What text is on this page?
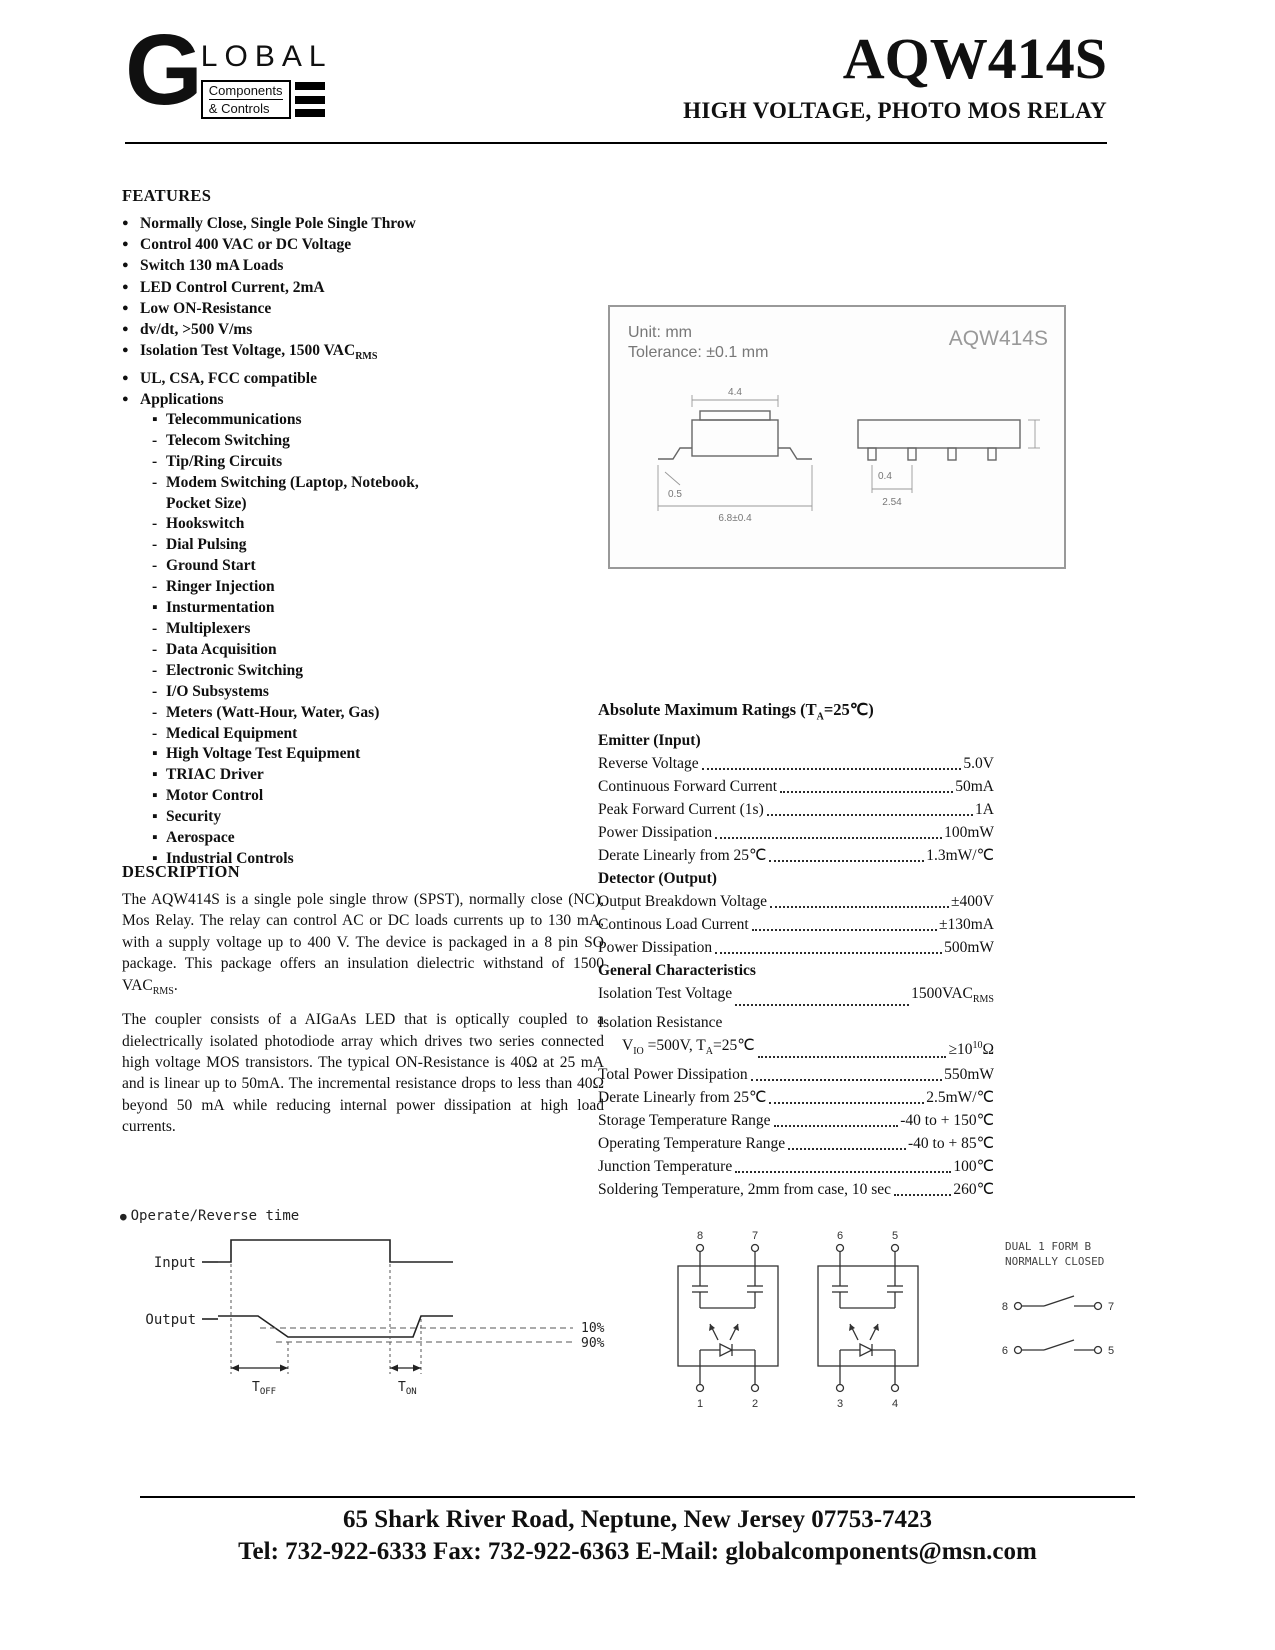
G LOBAL
Components
& Controls
AQW414S
HIGH VOLTAGE, PHOTO MOS RELAY
FEATURES
● Normally Close, Single Pole Single Throw
● Control 400 VAC or DC Voltage
● Switch 130 mA Loads
● LED Control Current, 2mA
● Low ON-Resistance
● dv/dt, >500 V/ms
● Isolation Test Voltage, 1500 $VAC_{RMS}$
● UL, CSA, FCC compatible
● Applications
▪ Telecommunications
- Telecom Switching
- Tip/Ring Circuits
- Modem Switching (Laptop, Notebook,
Pocket Size)
- Hookswitch
- Dial Pulsing
- Ground Start
- Ringer Injection
▪ Insturmentation
- Multiplexers
- Data Acquisition
- Electronic Switching
- I/O Subsystems
- Meters (Watt-Hour, Water, Gas)
- Medical Equipment
▪ High Voltage Test Equipment
▪ TRIAC Driver
▪ Motor Control
▪ Security
▪ Aerospace
▪ Industrial Controls
DESCRIPTION

The AQW414S is a single pole single throw (SPST), normally close (NC), Mos Relay. The relay can control AC or DC loads currents up to 130 mA, with a supply voltage up to 400 V. The device is packaged in a 8 pin SO package. This package offers an insulation dielectric withstand of 1500 $VAC_{RMS}$.

The coupler consists of a AIGaAs LED that is optically coupled to a dielectrically isolated photodiode array which drives two series connected high voltage MOS transistors. The typical ON-Resistance is 40Ω at 25 mA and is linear up to 50mA. The incremental resistance drops to less than 40Ω beyond 50 mA while reducing internal power dissipation at high load currents.

Unit: mm
Tolerance: ±0.1 mm
AQW414S
4.4
6.8±0.4
0.5
0.4
2.54
Absolute Maximum Ratings $(T_A=25℃)$
Emitter (Input)
Reverse Voltage	5.0V
Continuous Forward Current	50mA
Peak Forward Current (1s)	1A
Power Dissipation	100mW
Derate Linearly from 25℃	1.3mW/℃
Detector (Output)
Output Breakdown Voltage	±400V
Continous Load Current	±130mA
Power Dissipation	500mW
General Characteristics
Isolation Test Voltage	$1500VAC_{RMS}$
Isolation Resistance
$V_{IO} =500V$, $T_A=25℃$	$\ge 10^{10}\Omega$
Total Power Dissipation	550mW
Derate Linearly from 25℃	2.5mW/℃
Storage Temperature Range	-40 to + 150℃
Operating Temperature Range	-40 to + 85℃
Junction Temperature	100℃
Soldering Temperature, 2mm from case, 10 sec	260℃
● Operate/Reverse time
Input
Output
10%
90%
$T_{OFF}$	$T_{ON}$
8	7
1	2
6	5
3	4
DUAL 1 FORM B
NORMALLY CLOSED
8	7
6	5
65 Shark River Road, Neptune, New Jersey 07753-7423
Tel: 732-922-6333 Fax: 732-922-6363 E-Mail: globalcomponents@msn.com
